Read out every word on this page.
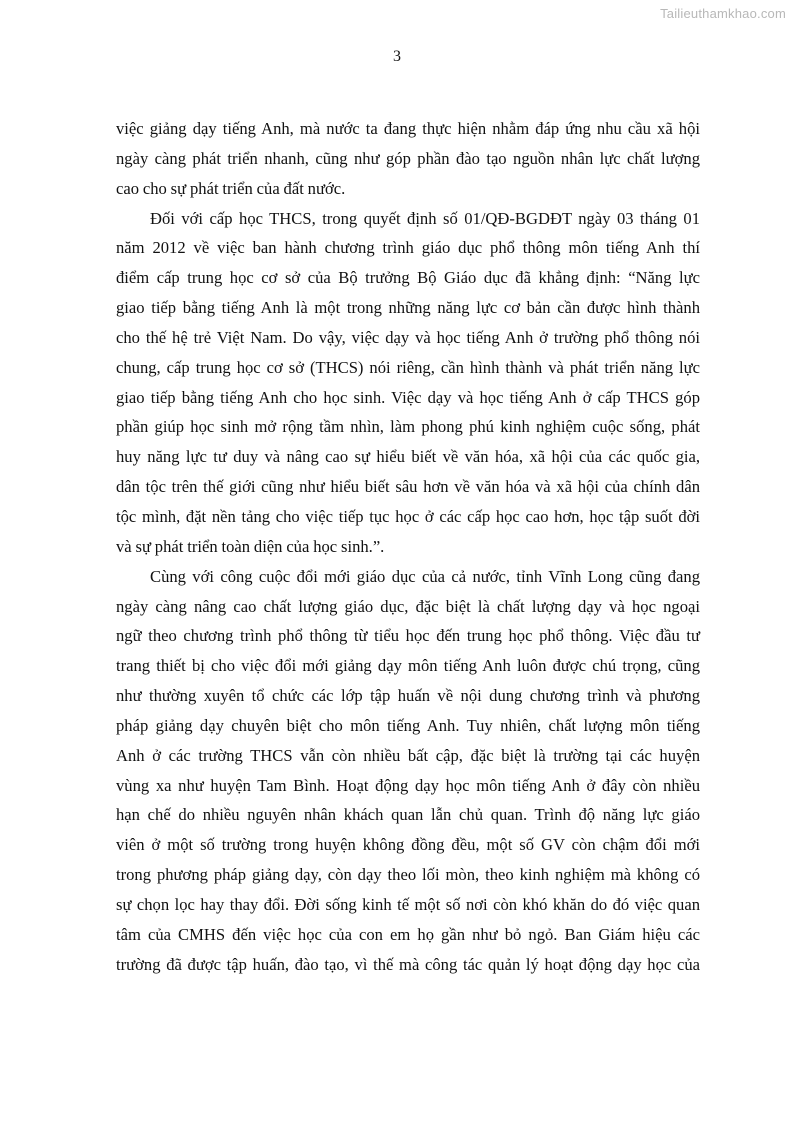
Tailieuthamkhao.com
3

việc giảng dạy tiếng Anh, mà nước ta đang thực hiện nhằm đáp ứng nhu cầu xã hội
ngày càng phát triển nhanh, cũng như góp phần đào tạo nguồn nhân lực chất lượng
cao cho sự phát triển của đất nước.

Đối với cấp học THCS, trong quyết định số 01/QĐ-BGDĐT ngày 03 tháng 01
năm 2012 về việc ban hành chương trình giáo dục phổ thông môn tiếng Anh thí
điểm cấp trung học cơ sở của Bộ trưởng Bộ Giáo dục đã khẳng định: “Năng lực
giao tiếp bằng tiếng Anh là một trong những năng lực cơ bản cần được hình thành
cho thế hệ trẻ Việt Nam. Do vậy, việc dạy và học tiếng Anh ở trường phổ thông nói
chung, cấp trung học cơ sở (THCS) nói riêng, cần hình thành và phát triển năng lực
giao tiếp bằng tiếng Anh cho học sinh. Việc dạy và học tiếng Anh ở cấp THCS góp
phần giúp học sinh mở rộng tầm nhìn, làm phong phú kinh nghiệm cuộc sống, phát
huy năng lực tư duy và nâng cao sự hiểu biết về văn hóa, xã hội của các quốc gia,
dân tộc trên thế giới cũng như hiểu biết sâu hơn về văn hóa và xã hội của chính dân
tộc mình, đặt nền tảng cho việc tiếp tục học ở các cấp học cao hơn, học tập suốt đời
và sự phát triển toàn diện của học sinh.”.

Cùng với công cuộc đổi mới giáo dục của cả nước, tỉnh Vĩnh Long cũng đang
ngày càng nâng cao chất lượng giáo dục, đặc biệt là chất lượng dạy và học ngoại
ngữ theo chương trình phổ thông từ tiểu học đến trung học phổ thông. Việc đầu tư
trang thiết bị cho việc đổi mới giảng dạy môn tiếng Anh luôn được chú trọng, cũng
như thường xuyên tổ chức các lớp tập huấn về nội dung chương trình và phương
pháp giảng dạy chuyên biệt cho môn tiếng Anh. Tuy nhiên, chất lượng môn tiếng
Anh ở các trường THCS vẫn còn nhiều bất cập, đặc biệt là trường tại các huyện
vùng xa như huyện Tam Bình. Hoạt động dạy học môn tiếng Anh ở đây còn nhiều
hạn chế do nhiều nguyên nhân khách quan lẫn chủ quan. Trình độ năng lực giáo
viên ở một số trường trong huyện không đồng đều, một số GV còn chậm đổi mới
trong phương pháp giảng dạy, còn dạy theo lối mòn, theo kinh nghiệm mà không có
sự chọn lọc hay thay đổi. Đời sống kinh tế một số nơi còn khó khăn do đó việc quan
tâm của CMHS đến việc học của con em họ gần như bỏ ngỏ. Ban Giám hiệu các
trường đã được tập huấn, đào tạo, vì thế mà công tác quản lý hoạt động dạy học của
